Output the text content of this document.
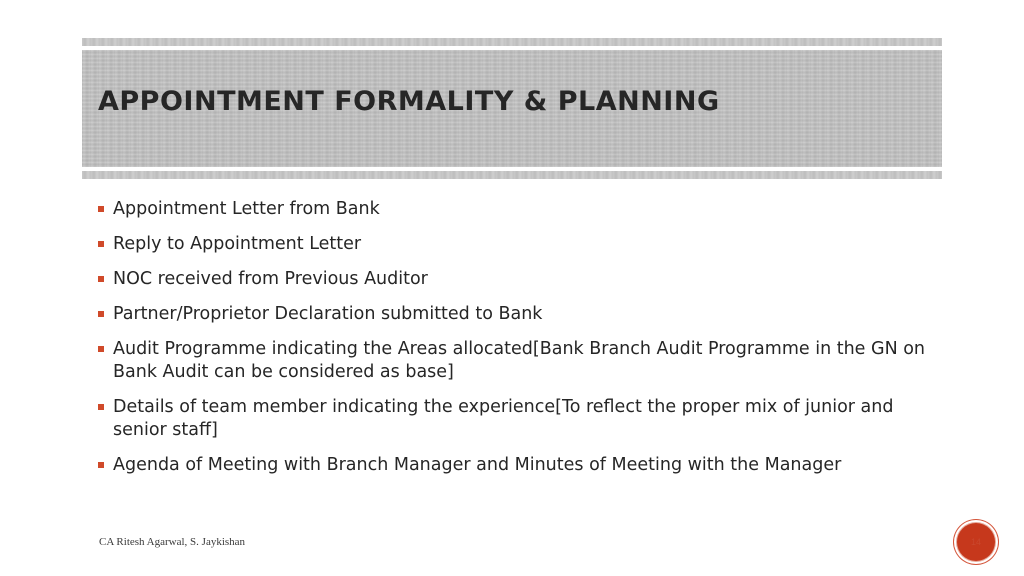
APPOINTMENT FORMALITY & PLANNING
Appointment Letter from Bank
Reply to Appointment Letter
NOC received from Previous Auditor
Partner/Proprietor Declaration submitted to Bank
Audit Programme indicating the Areas allocated[Bank Branch Audit Programme in the GN on Bank Audit can be considered as base]
Details of team member indicating the experience[To reflect the proper mix of junior and senior staff]
Agenda of Meeting with Branch Manager and Minutes of Meeting with the Manager
CA Ritesh Agarwal, S. Jaykishan	14
